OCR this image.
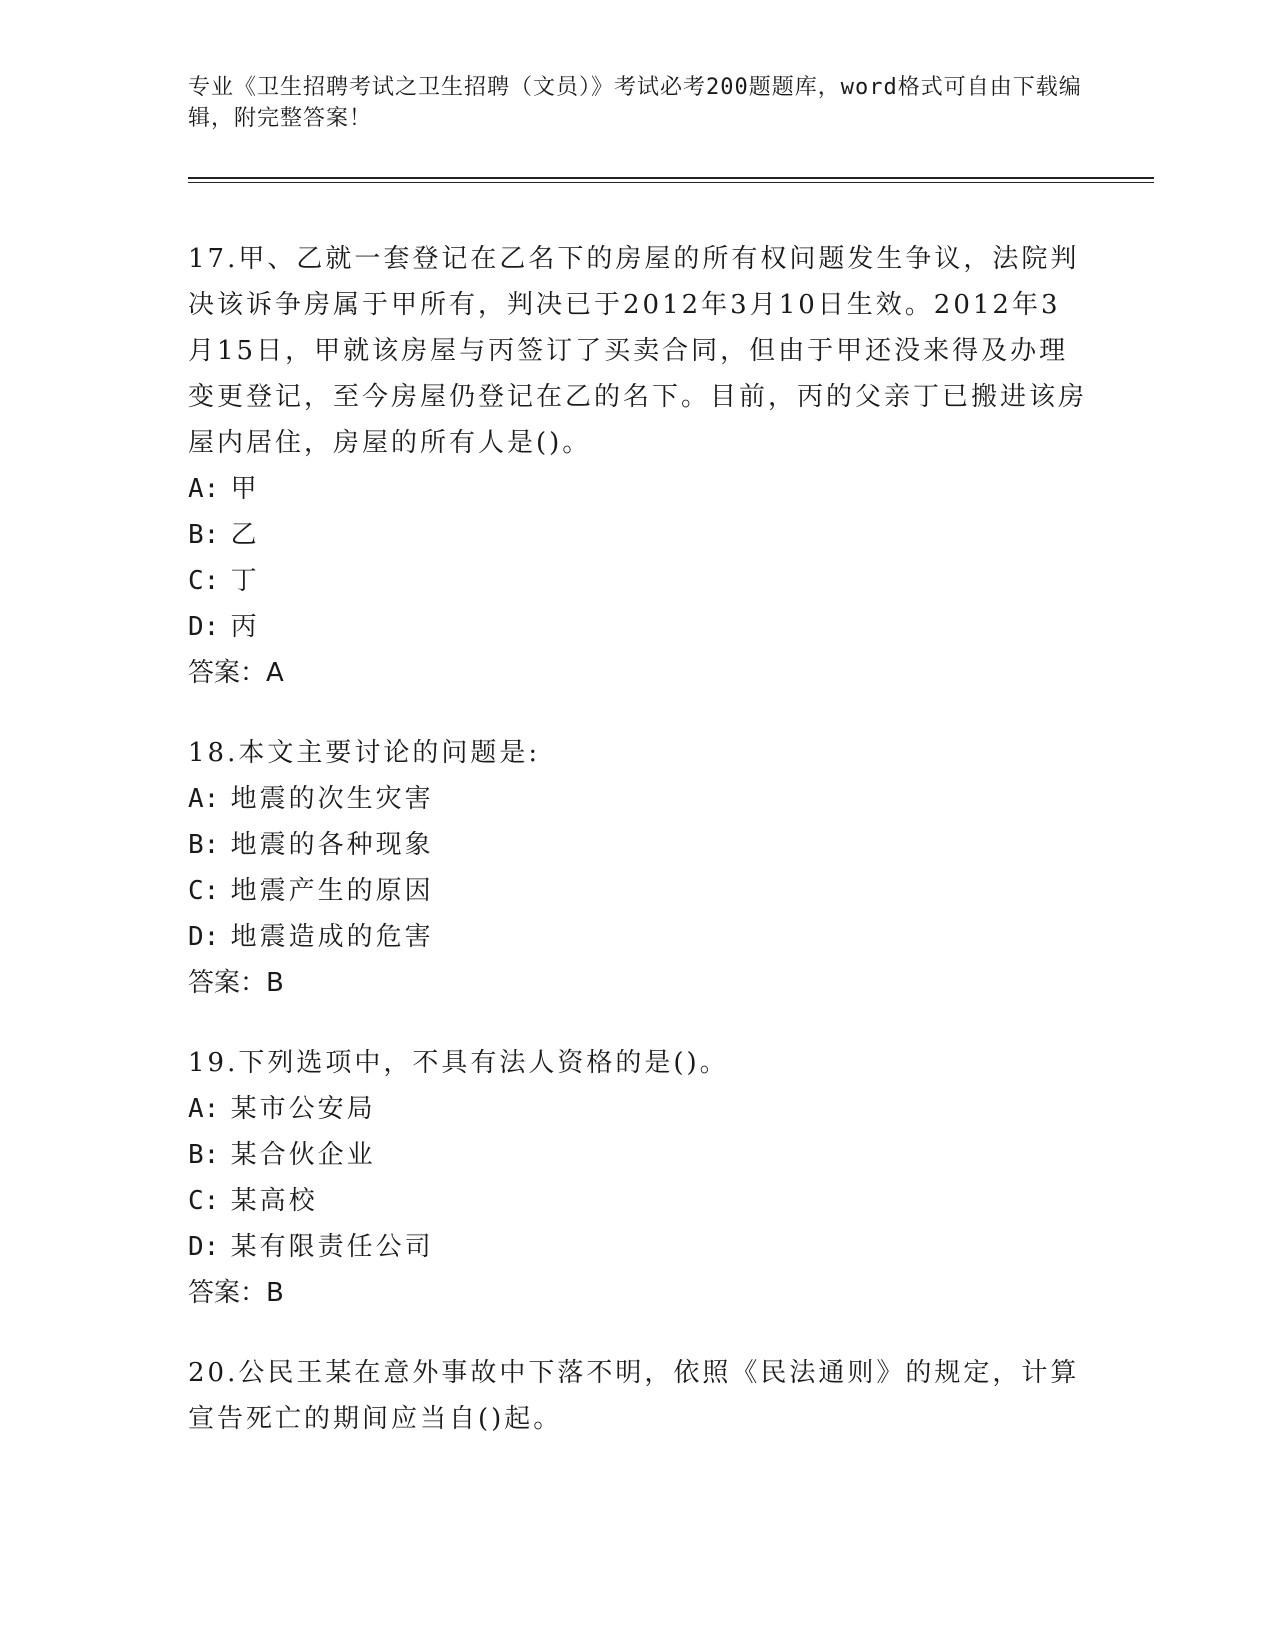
专业《卫生招聘考试之卫生招聘（文员）》考试必考200题题库，word格式可自由下载编辑，附完整答案！

17.甲、乙就一套登记在乙名下的房屋的所有权问题发生争议，法院判决该诉争房属于甲所有，判决已于2012年3月10日生效。2012年3月15日，甲就该房屋与丙签订了买卖合同，但由于甲还没来得及办理变更登记，至今房屋仍登记在乙的名下。目前，丙的父亲丁已搬进该房屋内居住，房屋的所有人是()。

A: 甲

B: 乙

C: 丁

D: 丙

答案：A

18.本文主要讨论的问题是:

A: 地震的次生灾害

B: 地震的各种现象

C: 地震产生的原因

D: 地震造成的危害

答案：B

19.下列选项中，不具有法人资格的是()。

A: 某市公安局

B: 某合伙企业

C: 某高校

D: 某有限责任公司

答案：B

20.公民王某在意外事故中下落不明，依照《民法通则》的规定，计算宣告死亡的期间应当自()起。
